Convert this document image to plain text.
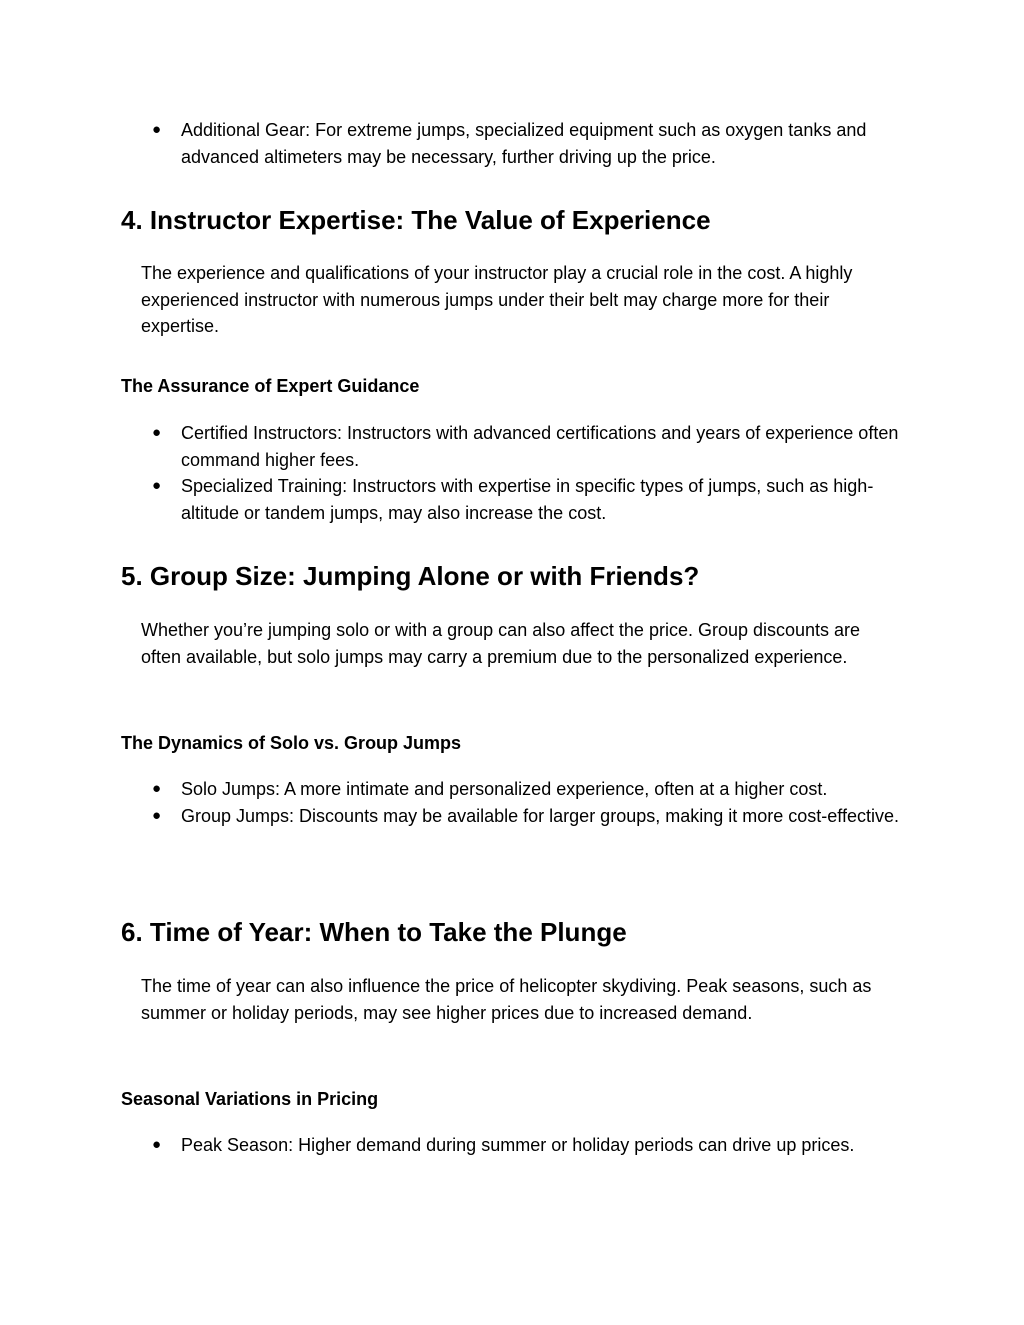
● Additional Gear: For extreme jumps, specialized equipment such as oxygen tanks and advanced altimeters may be necessary, further driving up the price.
4. Instructor Expertise: The Value of Experience

The experience and qualifications of your instructor play a crucial role in the cost. A highly experienced instructor with numerous jumps under their belt may charge more for their expertise.

The Assurance of Expert Guidance
● Certified Instructors: Instructors with advanced certifications and years of experience often command higher fees.
● Specialized Training: Instructors with expertise in specific types of jumps, such as high-altitude or tandem jumps, may also increase the cost.
5. Group Size: Jumping Alone or with Friends?

Whether you’re jumping solo or with a group can also affect the price. Group discounts are often available, but solo jumps may carry a premium due to the personalized experience.

The Dynamics of Solo vs. Group Jumps
● Solo Jumps: A more intimate and personalized experience, often at a higher cost.
● Group Jumps: Discounts may be available for larger groups, making it more cost-effective.
6. Time of Year: When to Take the Plunge

The time of year can also influence the price of helicopter skydiving. Peak seasons, such as summer or holiday periods, may see higher prices due to increased demand.

Seasonal Variations in Pricing
● Peak Season: Higher demand during summer or holiday periods can drive up prices.
